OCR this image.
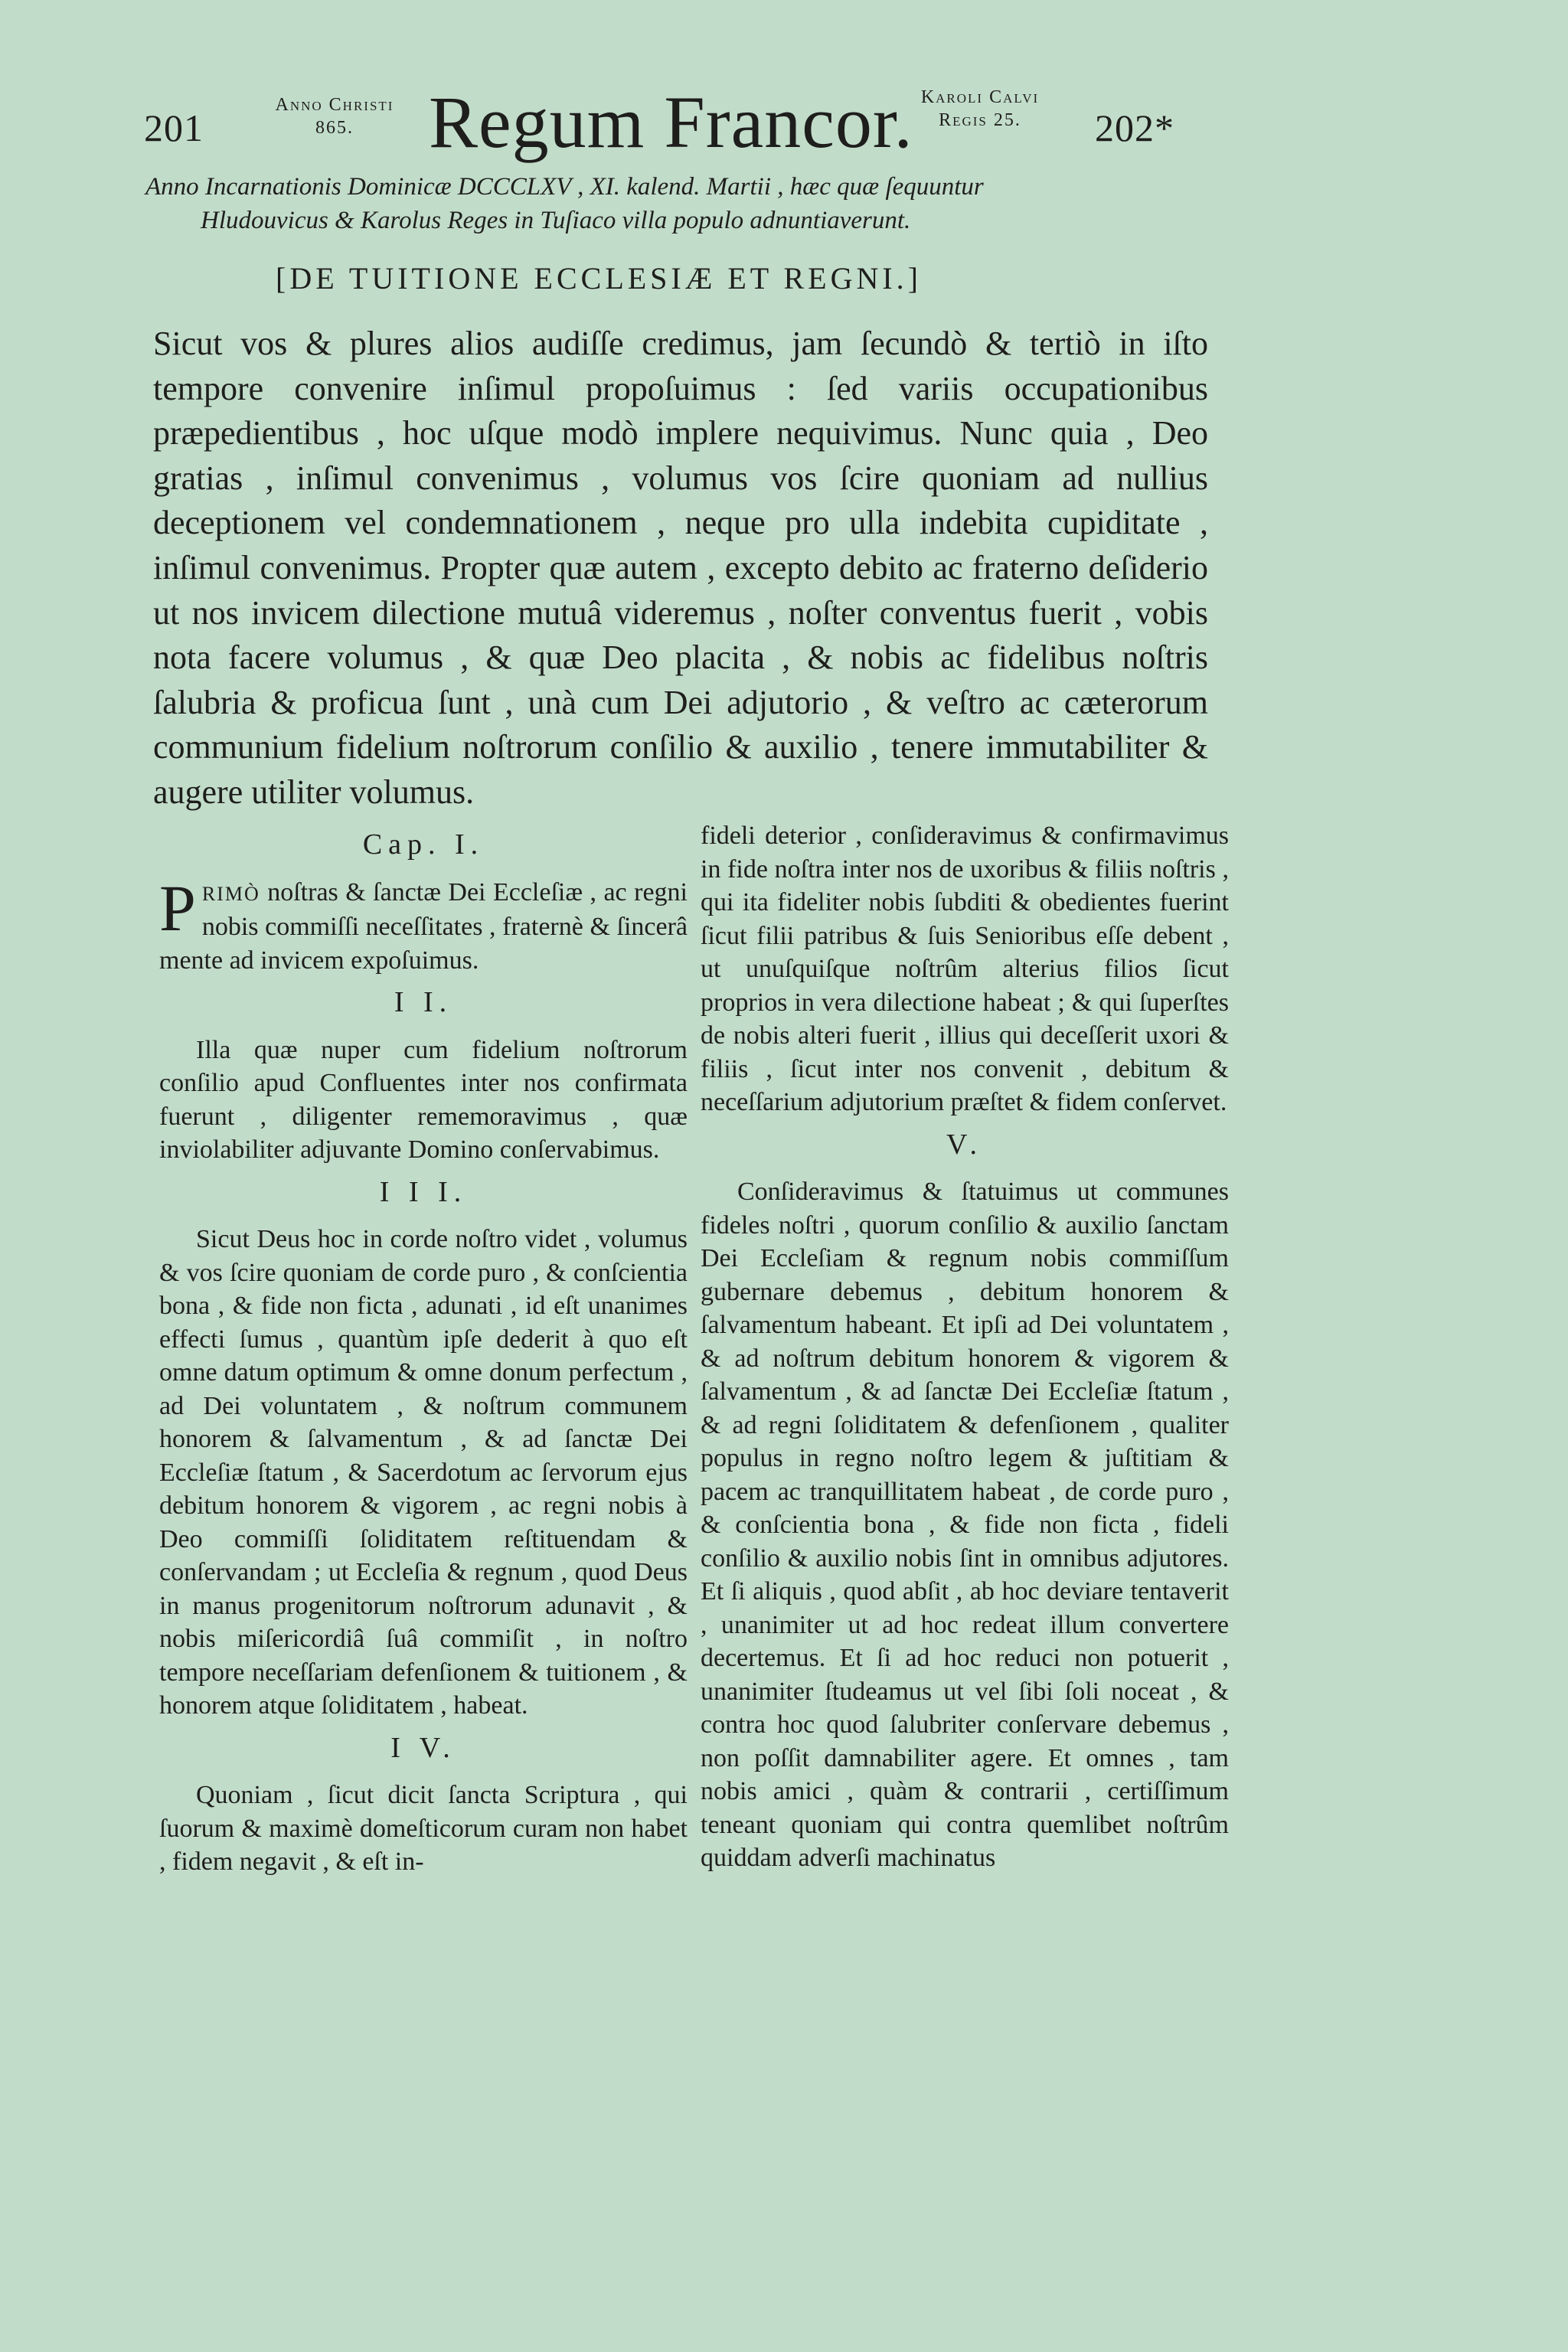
201
Anno Christi
865.	Regum Francor. Karoli Calvi
Regis 25.	202*
Anno Incarnationis Dominicæ DCCCLXV , XI. kalend. Martii , hæc quæ ſequuntur
Hludouvicus & Karolus Reges in Tuſiaco villa populo adnuntiaverunt.
[DE TUITIONE ECCLESIÆ ET REGNI.]
Sicut vos & plures alios audiſſe credimus, jam ſecundò & tertiò in iſto tempore convenire inſimul propoſuimus : ſed variis occupationibus præpedientibus , hoc uſque modò implere nequivimus. Nunc quia , Deo gratias , inſimul convenimus , volumus vos ſcire quoniam ad nullius deceptionem vel condemnationem , neque pro ulla indebita cupiditate , inſimul convenimus. Propter quæ autem , excepto debito ac fraterno deſiderio ut nos invicem dilectione mutuâ videremus , noſter conventus fuerit , vobis nota facere volumus , & quæ Deo placita , & nobis ac fidelibus noſtris ſalubria & proficua ſunt , unà cum Dei adjutorio , & veſtro ac cæterorum communium fidelium noſtrorum conſilio & auxilio , tenere immutabiliter & augere utiliter volumus.
Cap. I.

PRIMÒ noſtras & ſanctæ Dei Eccleſiæ , ac regni nobis commiſſi neceſſitates , fraternè & ſincerâ mente ad invicem expoſuimus.

I I.

Illa quæ nuper cum fidelium noſtrorum conſilio apud Confluentes inter nos confirmata fuerunt , diligenter rememoravimus , quæ inviolabiliter adjuvante Domino conſervabimus.

I I I.

Sicut Deus hoc in corde noſtro videt , volumus & vos ſcire quoniam de corde puro , & conſcientia bona , & fide non ficta , adunati , id eſt unanimes effecti ſumus , quantùm ipſe dederit à quo eſt omne datum optimum & omne donum perfectum , ad Dei voluntatem , & noſtrum communem honorem & ſalvamentum , & ad ſanctæ Dei Eccleſiæ ſtatum , & Sacerdotum ac ſervorum ejus debitum honorem & vigorem , ac regni nobis à Deo commiſſi ſoliditatem reſtituendam & conſervandam ; ut Eccleſia & regnum , quod Deus in manus progenitorum noſtrorum adunavit , & nobis miſericordiâ ſuâ commiſit , in noſtro tempore neceſſariam defenſionem & tuitionem , & honorem atque ſoliditatem , habeat.

I V.

Quoniam , ſicut dicit ſancta Scriptura , qui ſuorum & maximè domeſticorum curam non habet , fidem negavit , & eſt in-

fideli deterior , conſideravimus & confirmavimus in fide noſtra inter nos de uxoribus & filiis noſtris , qui ita fideliter nobis ſubditi & obedientes fuerint ſicut filii patribus & ſuis Senioribus eſſe debent , ut unuſquiſque noſtrûm alterius filios ſicut proprios in vera dilectione habeat ; & qui ſuperſtes de nobis alteri fuerit , illius qui deceſſerit uxori & filiis , ſicut inter nos convenit , debitum & neceſſarium adjutorium præſtet & fidem conſervet.

V.

Conſideravimus & ſtatuimus ut communes fideles noſtri , quorum conſilio & auxilio ſanctam Dei Eccleſiam & regnum nobis commiſſum gubernare debemus , debitum honorem & ſalvamentum habeant. Et ipſi ad Dei voluntatem , & ad noſtrum debitum honorem & vigorem & ſalvamentum , & ad ſanctæ Dei Eccleſiæ ſtatum , & ad regni ſoliditatem & defenſionem , qualiter populus in regno noſtro legem & juſtitiam & pacem ac tranquillitatem habeat , de corde puro , & conſcientia bona , & fide non ficta , fideli conſilio & auxilio nobis ſint in omnibus adjutores. Et ſi aliquis , quod abſit , ab hoc deviare tentaverit , unanimiter ut ad hoc redeat illum convertere decertemus. Et ſi ad hoc reduci non potuerit , unanimiter ſtudeamus ut vel ſibi ſoli noceat , & contra hoc quod ſalubriter conſervare debemus , non poſſit damnabiliter agere. Et omnes , tam nobis amici , quàm & contrarii , certiſſimum teneant quoniam qui contra quemlibet noſtrûm quiddam adverſi machinatus
